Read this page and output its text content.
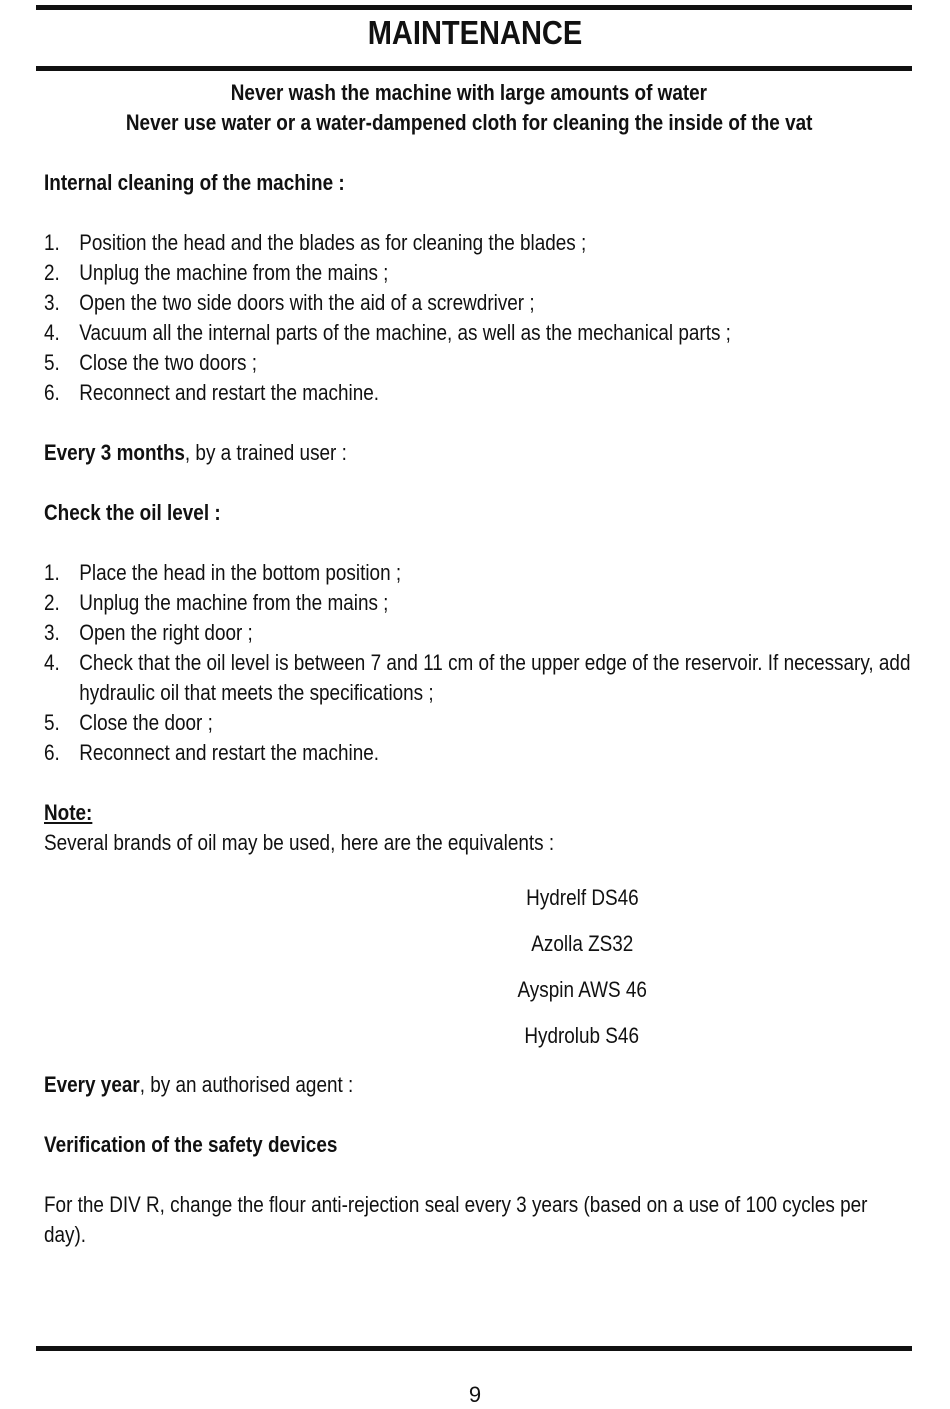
MAINTENANCE
Never wash the machine with large amounts of water
Never use water or a water-dampened cloth for cleaning the inside of the vat
Internal cleaning of the machine :
1. Position the head and the blades as for cleaning the blades ;
2. Unplug the machine from the mains ;
3. Open the two side doors with the aid of a screwdriver ;
4. Vacuum all the internal parts of the machine, as well as the mechanical parts ;
5. Close the two doors ;
6. Reconnect and restart the machine.
Every 3 months, by a trained user :
Check the oil level :
1. Place the head in the bottom position ;
2. Unplug the machine from the mains ;
3. Open the right door ;
4. Check that the oil level is between 7 and 11 cm of the upper edge of the reservoir. If necessary, add hydraulic oil that meets the specifications ;
5. Close the door ;
6. Reconnect and restart the machine.
Note:
Several brands of oil may be used, here are the equivalents :
Hydrelf DS46
Azolla ZS32
Ayspin AWS 46
Hydrolub S46
Every year, by an authorised agent :
Verification of the safety devices
For the DIV R, change the flour anti-rejection seal every 3 years (based on a use of 100 cycles per day).
9
